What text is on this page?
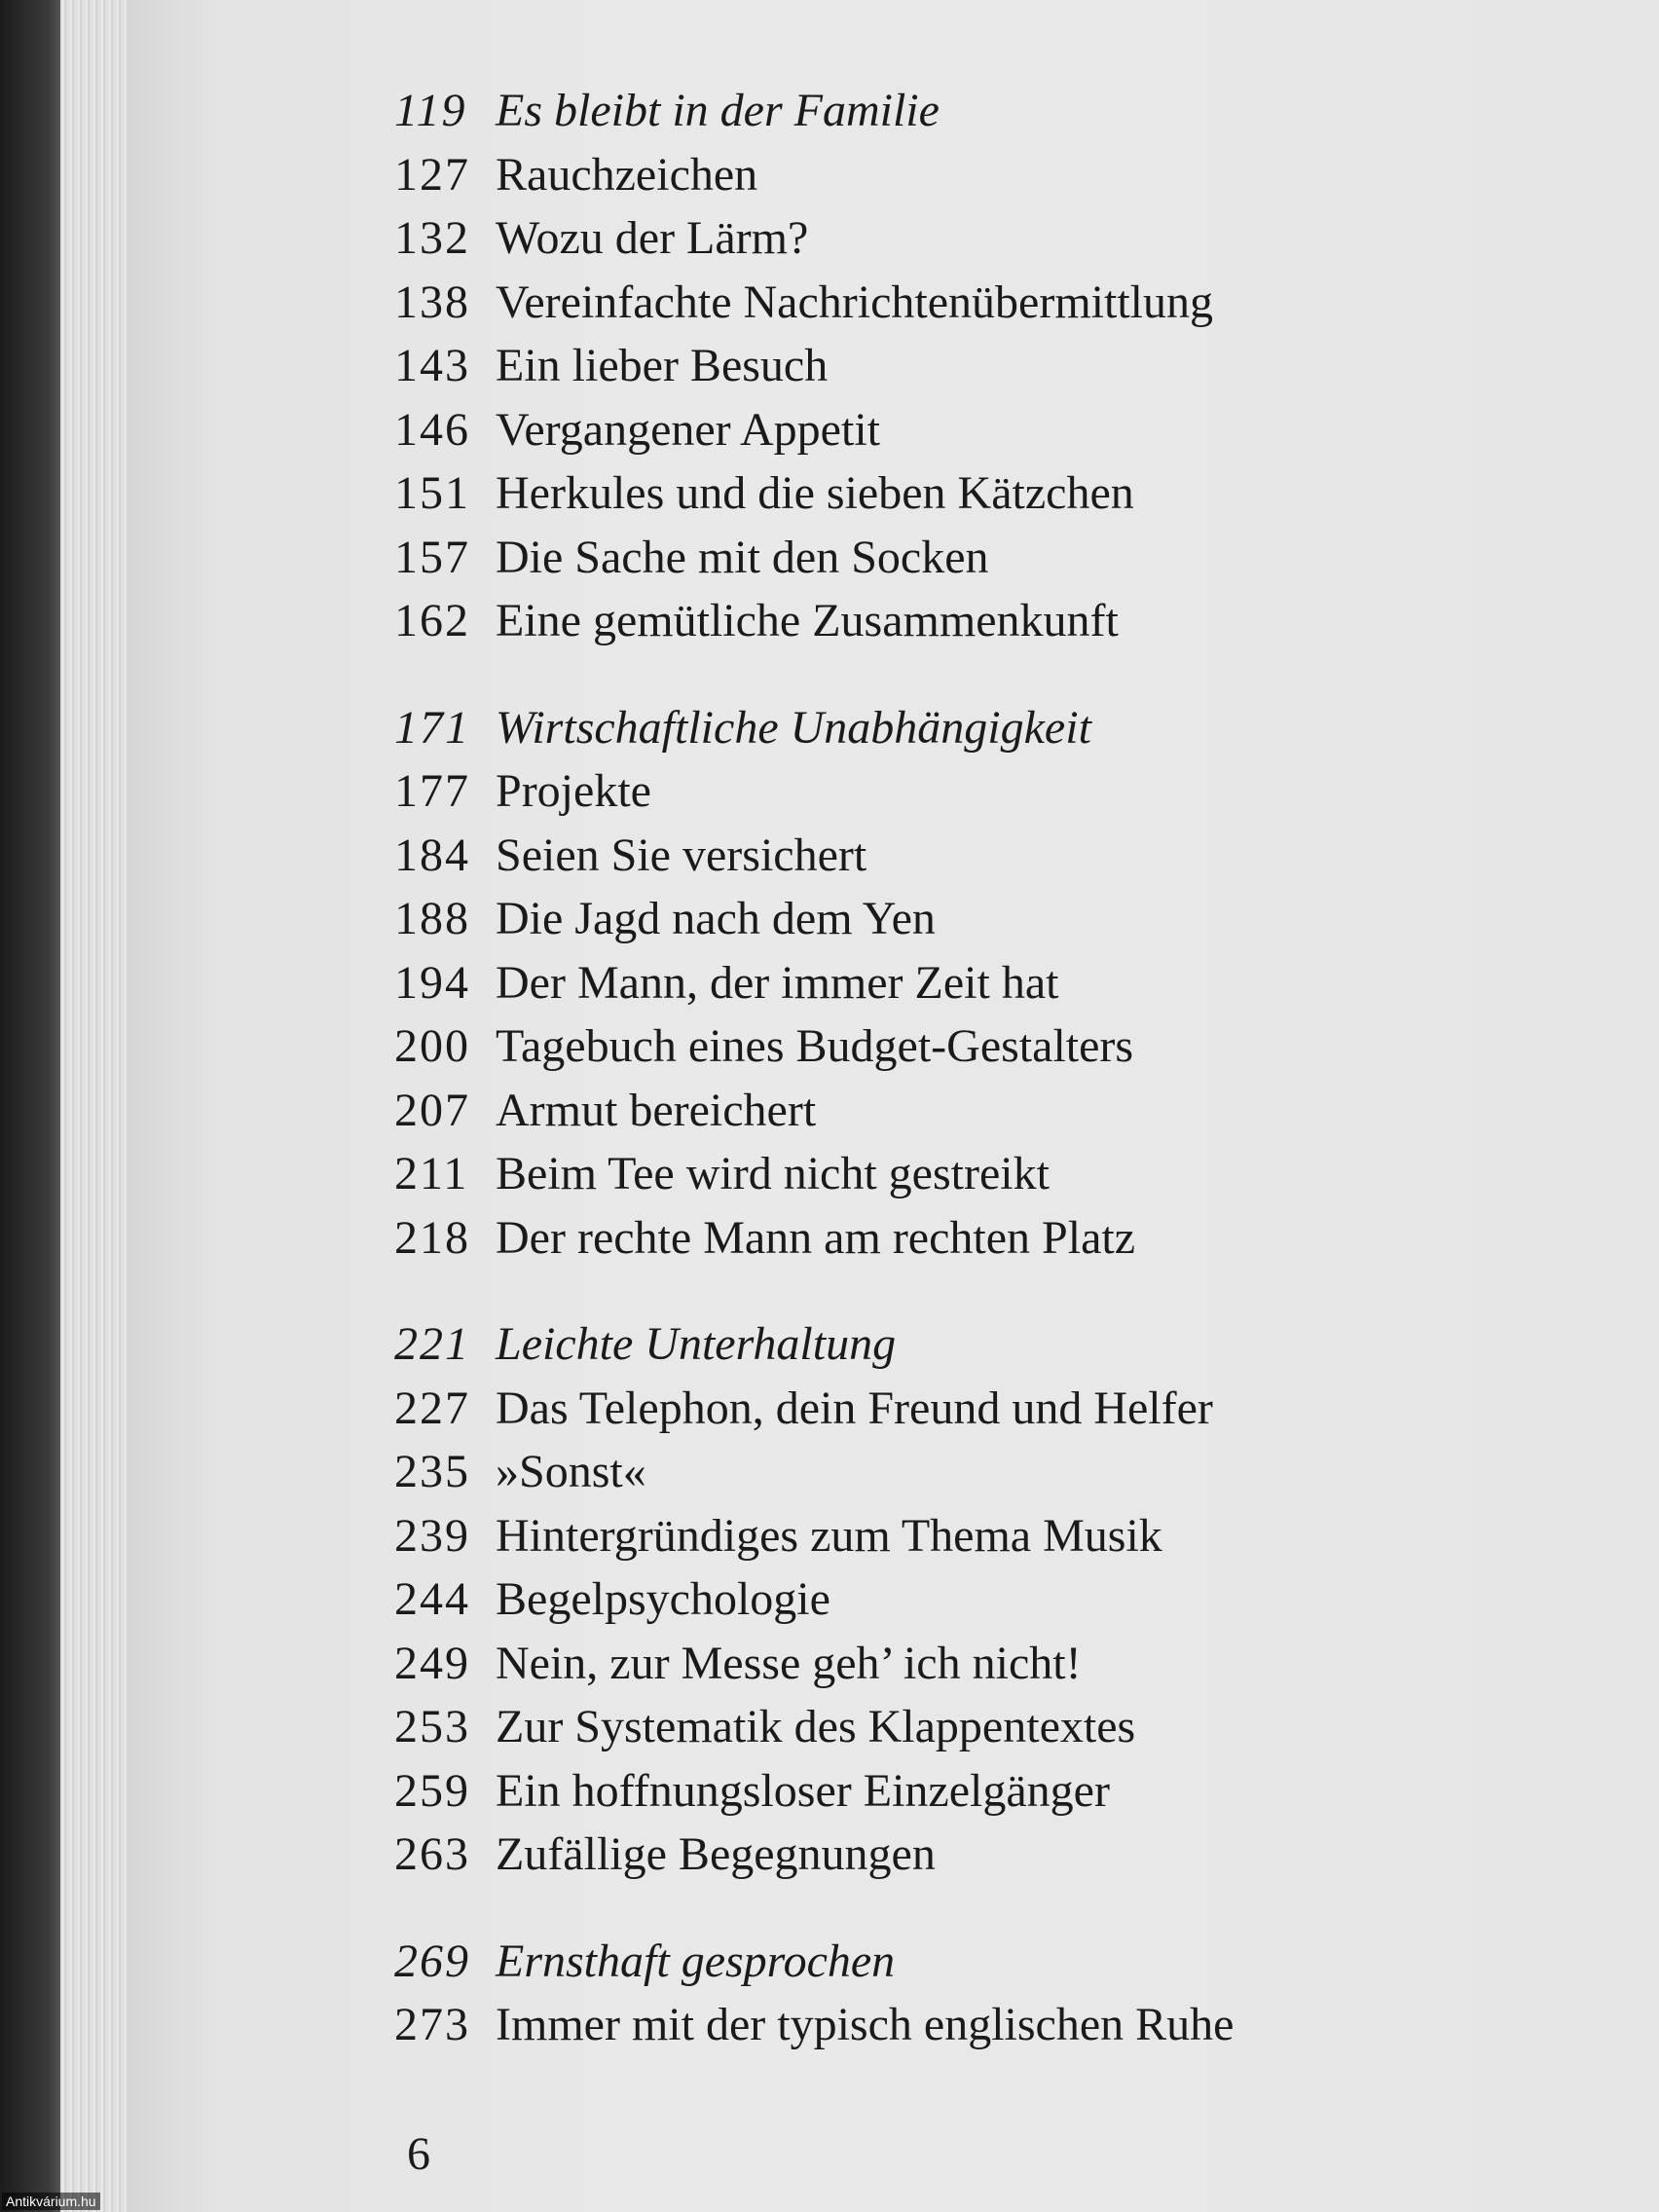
119 Es bleibt in der Familie
127 Rauchzeichen
132 Wozu der Lärm?
138 Vereinfachte Nachrichtenübermittlung
143 Ein lieber Besuch
146 Vergangener Appetit
151 Herkules und die sieben Kätzchen
157 Die Sache mit den Socken
162 Eine gemütliche Zusammenkunft
171 Wirtschaftliche Unabhängigkeit
177 Projekte
184 Seien Sie versichert
188 Die Jagd nach dem Yen
194 Der Mann, der immer Zeit hat
200 Tagebuch eines Budget-Gestalters
207 Armut bereichert
211 Beim Tee wird nicht gestreikt
218 Der rechte Mann am rechten Platz
221 Leichte Unterhaltung
227 Das Telephon, dein Freund und Helfer
235 »Sonst«
239 Hintergründiges zum Thema Musik
244 Begelpsychologie
249 Nein, zur Messe geh’ ich nicht!
253 Zur Systematik des Klappentextes
259 Ein hoffnungsloser Einzelgänger
263 Zufällige Begegnungen
269 Ernsthaft gesprochen
273 Immer mit der typisch englischen Ruhe
6
Antikvárium.hu
